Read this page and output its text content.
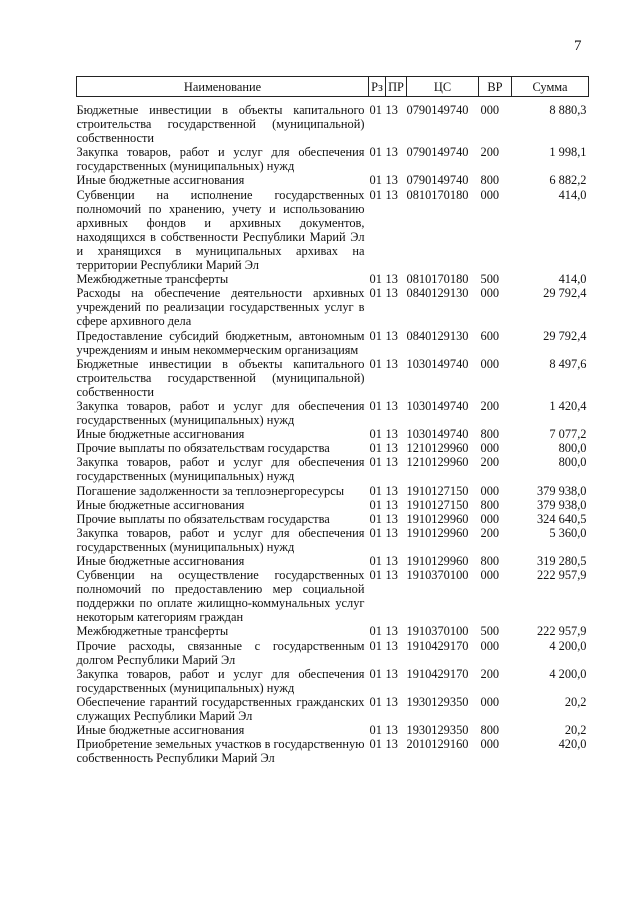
7
Наименование	Рз	ПР	ЦС	ВР	Сумма

Бюджетные инвестиции в объекты капитального строительства государственной (муниципальной) собственности	01	13	0790149740	000	8 880,3
Закупка товаров, работ и услуг для обеспечения государственных (муниципальных) нужд	01	13	0790149740	200	1 998,1
Иные бюджетные ассигнования	01	13	0790149740	800	6 882,2
Субвенции на исполнение государственных полномочий по хранению, учету и использованию архивных фондов и архивных документов, находящихся в собственности Республики Марий Эл и хранящихся в муниципальных архивах на территории Республики Марий Эл	01	13	0810170180	000	414,0
Межбюджетные трансферты	01	13	0810170180	500	414,0
Расходы на обеспечение деятельности архивных учреждений по реализации государственных услуг в сфере архивного дела	01	13	0840129130	000	29 792,4
Предоставление субсидий бюджетным, автономным учреждениям и иным некоммерческим организациям	01	13	0840129130	600	29 792,4
Бюджетные инвестиции в объекты капитального строительства государственной (муниципальной) собственности	01	13	1030149740	000	8 497,6
Закупка товаров, работ и услуг для обеспечения государственных (муниципальных) нужд	01	13	1030149740	200	1 420,4
Иные бюджетные ассигнования	01	13	1030149740	800	7 077,2
Прочие выплаты по обязательствам государства	01	13	1210129960	000	800,0
Закупка товаров, работ и услуг для обеспечения государственных (муниципальных) нужд	01	13	1210129960	200	800,0
Погашение задолженности за теплоэнергоресурсы	01	13	1910127150	000	379 938,0
Иные бюджетные ассигнования	01	13	1910127150	800	379 938,0
Прочие выплаты по обязательствам государства	01	13	1910129960	000	324 640,5
Закупка товаров, работ и услуг для обеспечения государственных (муниципальных) нужд	01	13	1910129960	200	5 360,0
Иные бюджетные ассигнования	01	13	1910129960	800	319 280,5
Субвенции на осуществление государственных полномочий по предоставлению мер социальной поддержки по оплате жилищно-коммунальных услуг некоторым категориям граждан	01	13	1910370100	000	222 957,9
Межбюджетные трансферты	01	13	1910370100	500	222 957,9
Прочие расходы, связанные с государственным долгом Республики Марий Эл	01	13	1910429170	000	4 200,0
Закупка товаров, работ и услуг для обеспечения государственных (муниципальных) нужд	01	13	1910429170	200	4 200,0
Обеспечение гарантий государственных гражданских служащих Республики Марий Эл	01	13	1930129350	000	20,2
Иные бюджетные ассигнования	01	13	1930129350	800	20,2
Приобретение земельных участков в государственную собственность Республики Марий Эл	01	13	2010129160	000	420,0
